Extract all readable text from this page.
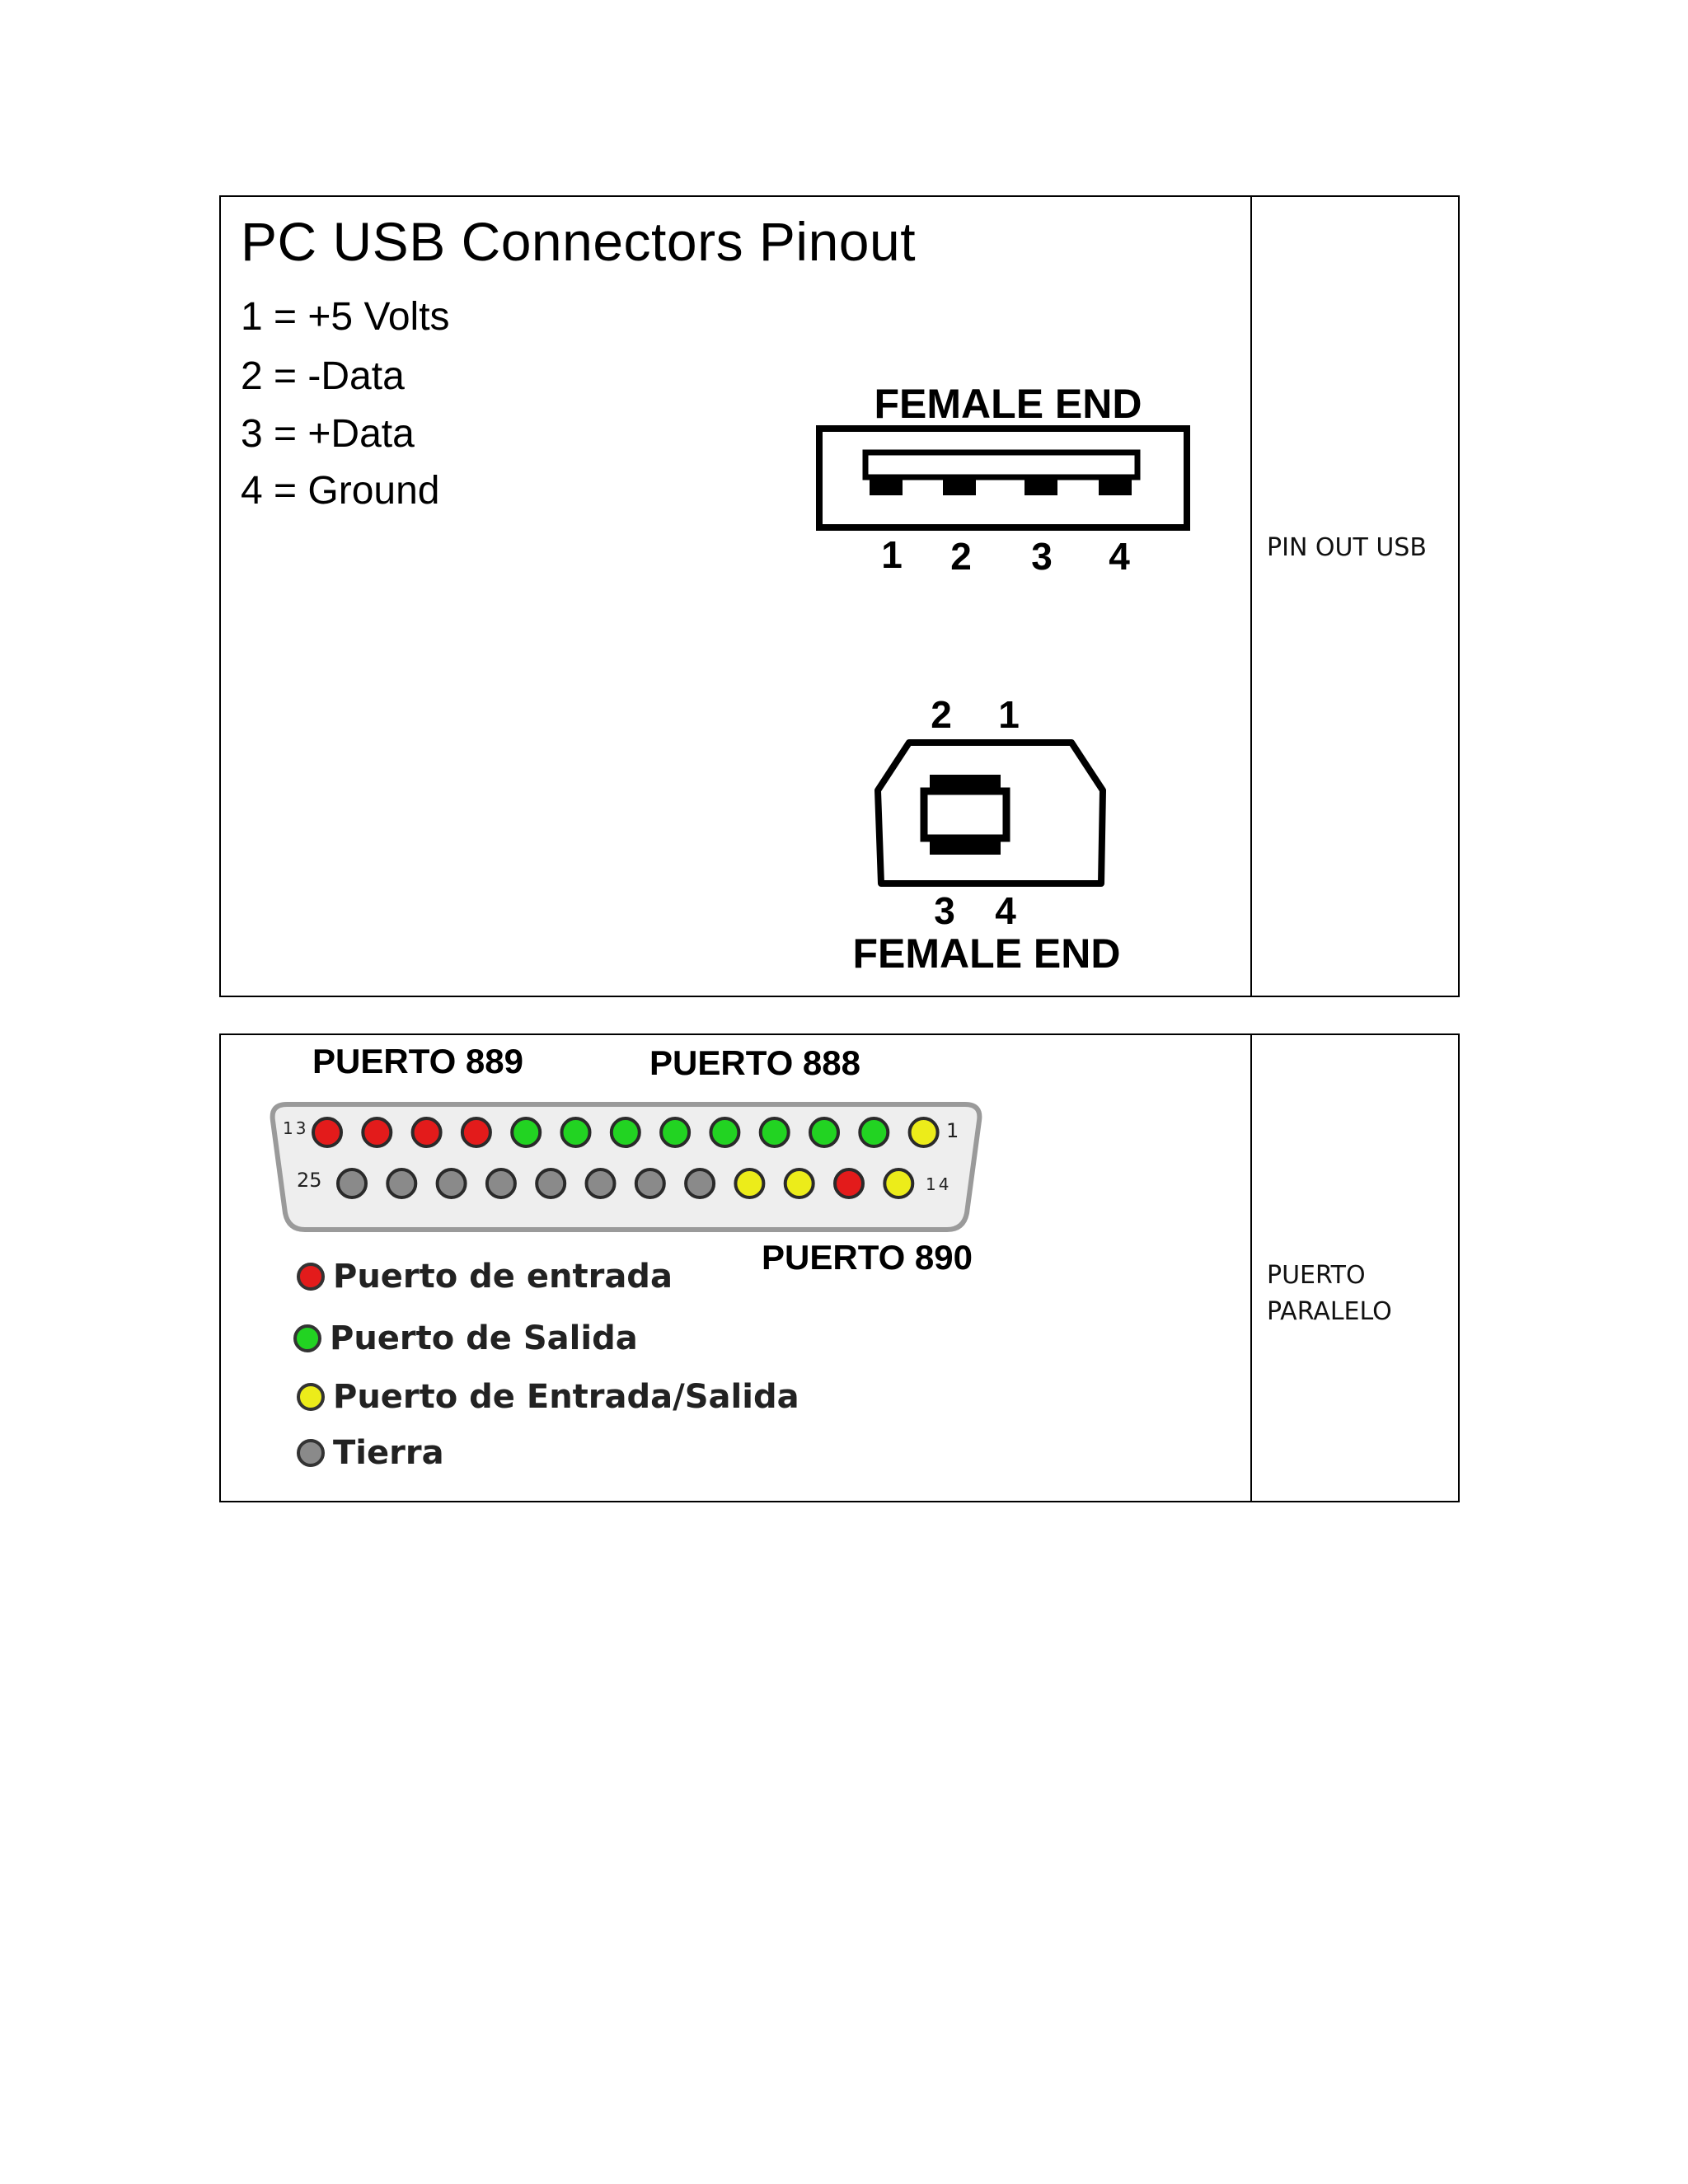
PC USB Connectors Pinout
1 = +5 Volts
2 = -Data
3 = +Data
4 = Ground
FEMALE END
1 2 3 4
2 1
3 4
FEMALE END
PIN OUT USB
PUERTO 889	PUERTO 888
13	1
25	14
PUERTO 890
Puerto de entrada
Puerto de Salida
Puerto de Entrada/Salida
Tierra
PUERTO
PARALELO
